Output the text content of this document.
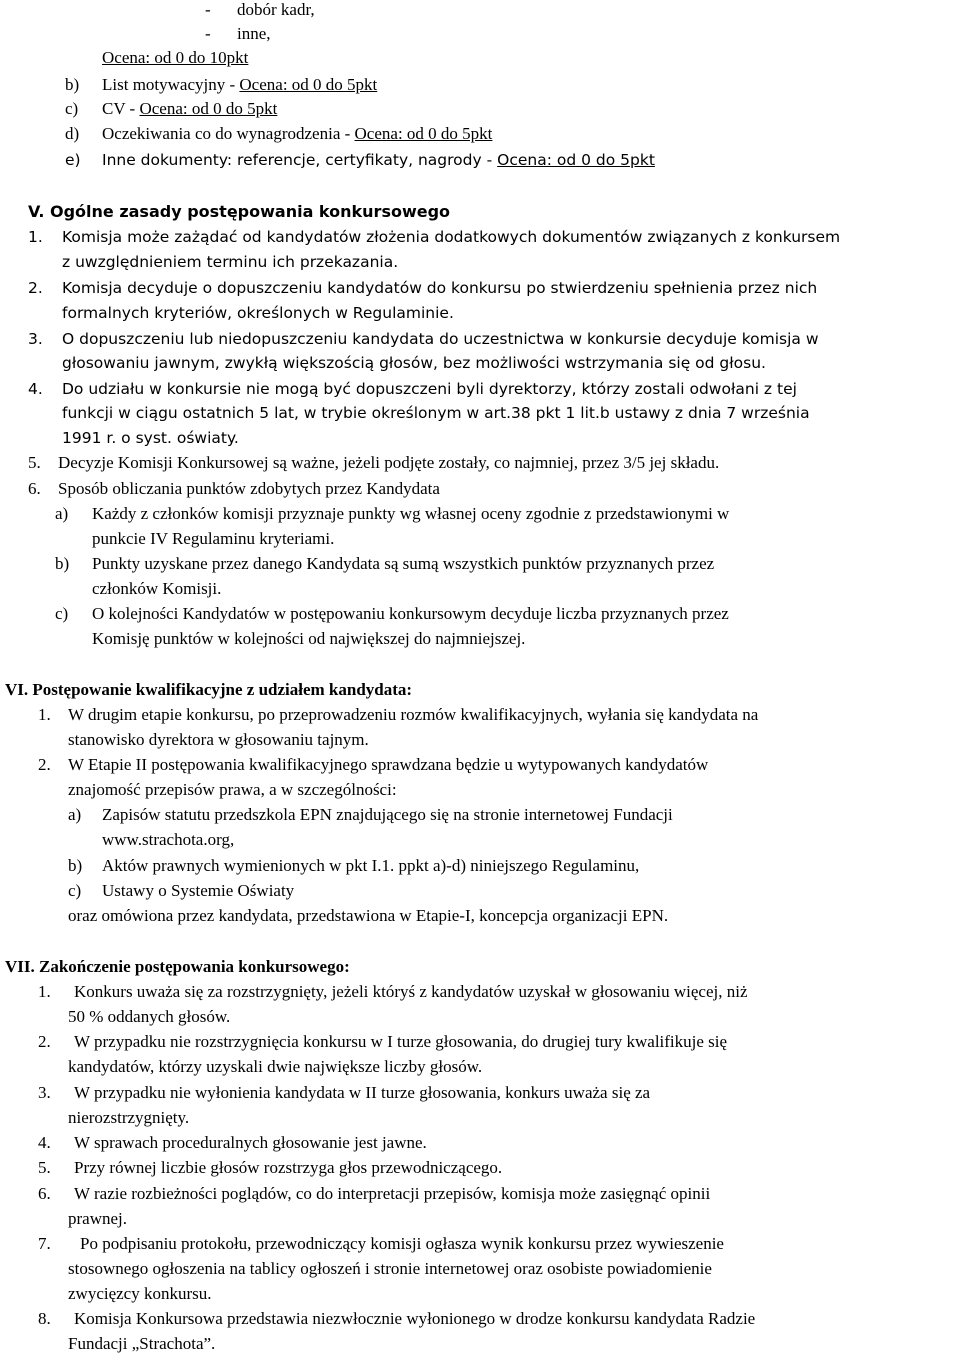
- dobór kadr,
- inne,
Ocena: od 0 do 10pkt
b) List motywacyjny - Ocena: od 0 do 5pkt
c) CV - Ocena: od 0 do 5pkt
d) Oczekiwania co do wynagrodzenia - Ocena: od 0 do 5pkt
e) Inne dokumenty: referencje, certyfikaty, nagrody - Ocena: od 0 do 5pkt
V. Ogólne zasady postępowania konkursowego
1. Komisja może zażądać od kandydatów złożenia dodatkowych dokumentów związanych z konkursem
z uwzględnieniem terminu ich przekazania.
2. Komisja decyduje o dopuszczeniu kandydatów do konkursu po stwierdzeniu spełnienia przez nich
formalnych kryteriów, określonych w Regulaminie.
3. O dopuszczeniu lub niedopuszczeniu kandydata do uczestnictwa w konkursie decyduje komisja w
głosowaniu jawnym, zwykłą większością głosów, bez możliwości wstrzymania się od głosu.
4. Do udziału w konkursie nie mogą być dopuszczeni byli dyrektorzy, którzy zostali odwołani z tej
funkcji w ciągu ostatnich 5 lat, w trybie określonym w art.38 pkt 1 lit.b ustawy z dnia 7 września
1991 r. o syst. oświaty.
5. Decyzje Komisji Konkursowej są ważne, jeżeli podjęte zostały, co najmniej, przez 3/5 jej składu.
6. Sposób obliczania punktów zdobytych przez Kandydata
a) Każdy z członków komisji przyznaje punkty wg własnej oceny zgodnie z przedstawionymi w
punkcie IV Regulaminu kryteriami.
b) Punkty uzyskane przez danego Kandydata są sumą wszystkich punktów przyznanych przez
członków Komisji.
c) O kolejności Kandydatów w postępowaniu konkursowym decyduje liczba przyznanych przez
Komisję punktów w kolejności od największej do najmniejszej.
VI. Postępowanie kwalifikacyjne z udziałem kandydata:
1. W drugim etapie konkursu, po przeprowadzeniu rozmów kwalifikacyjnych, wyłania się kandydata na
stanowisko dyrektora w głosowaniu tajnym.
2. W Etapie II postępowania kwalifikacyjnego sprawdzana będzie u wytypowanych kandydatów
znajomość przepisów prawa, a w szczególności:
a) Zapisów statutu przedszkola EPN znajdującego się na stronie internetowej Fundacji
www.strachota.org,
b) Aktów prawnych wymienionych w pkt I.1. ppkt a)-d) niniejszego Regulaminu,
c) Ustawy o Systemie Oświaty
oraz omówiona przez kandydata, przedstawiona w Etapie-I, koncepcja organizacji EPN.
VII. Zakończenie postępowania konkursowego:
1. Konkurs uważa się za rozstrzygnięty, jeżeli któryś z kandydatów uzyskał w głosowaniu więcej, niż
50 % oddanych głosów.
2. W przypadku nie rozstrzygnięcia konkursu w I turze głosowania, do drugiej tury kwalifikuje się
kandydatów, którzy uzyskali dwie największe liczby głosów.
3. W przypadku nie wyłonienia kandydata w II turze głosowania, konkurs uważa się za
nierozstrzygnięty.
4. W sprawach proceduralnych głosowanie jest jawne.
5. Przy równej liczbie głosów rozstrzyga głos przewodniczącego.
6. W razie rozbieżności poglądów, co do interpretacji przepisów, komisja może zasięgnąć opinii
prawnej.
7. Po podpisaniu protokołu, przewodniczący komisji ogłasza wynik konkursu przez wywieszenie
stosownego ogłoszenia na tablicy ogłoszeń i stronie internetowej oraz osobiste powiadomienie
zwycięzcy konkursu.
8. Komisja Konkursowa przedstawia niezwłocznie wyłonionego w drodze konkursu kandydata Radzie
Fundacji „Strachota”.
